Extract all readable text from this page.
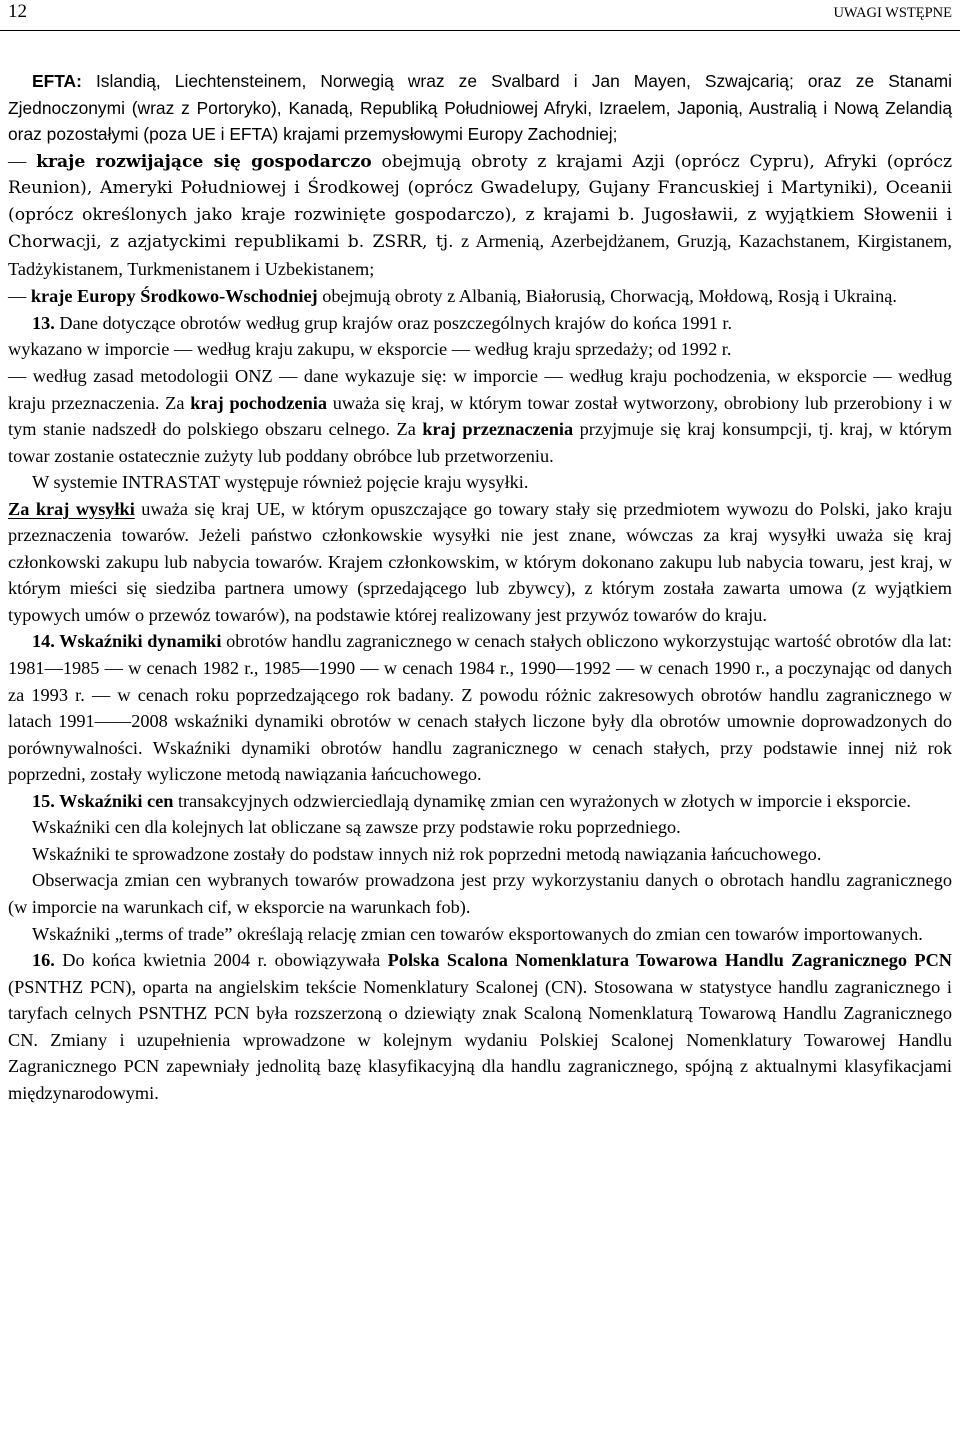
12	UWAGI WSTĘPNE

EFTA: Islandią, Liechtensteinem, Norwegią wraz ze Svalbard i Jan Mayen, Szwajcarią; oraz ze Stanami Zjednoczonymi (wraz z Portoryko), Kanadą, Republiką Południowej Afryki, Izraelem, Japonią, Australią i Nową Zelandią oraz pozostałymi (poza UE i EFTA) krajami przemysłowymi Europy Zachodniej;

— kraje rozwijające się gospodarczo obejmują obroty z krajami Azji (oprócz Cypru), Afryki (oprócz Reunion), Ameryki Południowej i Środkowej (oprócz Gwadelupy, Gujany Francuskiej i Martyniki), Oceanii (oprócz określonych jako kraje rozwinięte gospodarczo), z krajami b. Jugosławii, z wyjątkiem Słowenii i Chorwacji, z azjatyckimi republikami b. ZSRR, tj. z Armenią, Azerbejdżanem, Gruzją, Kazachstanem, Kirgistanem, Tadżykistanem, Turkmenistanem i Uzbekistanem;

— kraje Europy Środkowo-Wschodniej obejmują obroty z Albanią, Białorusią, Chorwacją, Mołdową, Rosją i Ukrainą.

13. Dane dotyczące obrotów według grup krajów oraz poszczególnych krajów do końca 1991 r.

wykazano w imporcie — według kraju zakupu, w eksporcie — według kraju sprzedaży; od 1992 r.

— według zasad metodologii ONZ — dane wykazuje się: w imporcie — według kraju pochodzenia, w eksporcie — według kraju przeznaczenia. Za kraj pochodzenia uważa się kraj, w którym towar został wytworzony, obrobiony lub przerobiony i w tym stanie nadszedł do polskiego obszaru celnego. Za kraj przeznaczenia przyjmuje się kraj konsumpcji, tj. kraj, w którym towar zostanie ostatecznie zużyty lub poddany obróbce lub przetworzeniu.

W systemie INTRASTAT występuje również pojęcie kraju wysyłki.

Za kraj wysyłki uważa się kraj UE, w którym opuszczające go towary stały się przedmiotem wywozu do Polski, jako kraju przeznaczenia towarów. Jeżeli państwo członkowskie wysyłki nie jest znane, wówczas za kraj wysyłki uważa się kraj członkowski zakupu lub nabycia towarów. Krajem członkowskim, w którym dokonano zakupu lub nabycia towaru, jest kraj, w którym mieści się siedziba partnera umowy (sprzedającego lub zbywcy), z którym została zawarta umowa (z wyjątkiem typowych umów o przewóz towarów), na podstawie której realizowany jest przywóz towarów do kraju.

14. Wskaźniki dynamiki obrotów handlu zagranicznego w cenach stałych obliczono wykorzystując wartość obrotów dla lat: 1981—1985 — w cenach 1982 r., 1985—1990 — w cenach 1984 r., 1990—1992 — w cenach 1990 r., a poczynając od danych za 1993 r. — w cenach roku poprzedzającego rok badany. Z powodu różnic zakresowych obrotów handlu zagranicznego w latach 1991——2008 wskaźniki dynamiki obrotów w cenach stałych liczone były dla obrotów umownie doprowadzonych do porównywalności. Wskaźniki dynamiki obrotów handlu zagranicznego w cenach stałych, przy podstawie innej niż rok poprzedni, zostały wyliczone metodą nawiązania łańcuchowego.

15. Wskaźniki cen transakcyjnych odzwierciedlają dynamikę zmian cen wyrażonych w złotych w imporcie i eksporcie.

Wskaźniki cen dla kolejnych lat obliczane są zawsze przy podstawie roku poprzedniego.

Wskaźniki te sprowadzone zostały do podstaw innych niż rok poprzedni metodą nawiązania łańcuchowego.

Obserwacja zmian cen wybranych towarów prowadzona jest przy wykorzystaniu danych o obrotach handlu zagranicznego (w imporcie na warunkach cif, w eksporcie na warunkach fob).

Wskaźniki „terms of trade” określają relację zmian cen towarów eksportowanych do zmian cen towarów importowanych.

16. Do końca kwietnia 2004 r. obowiązywała Polska Scalona Nomenklatura Towarowa Handlu Zagranicznego PCN (PSNTHZ PCN), oparta na angielskim tekście Nomenklatury Scalonej (CN). Stosowana w statystyce handlu zagranicznego i taryfach celnych PSNTHZ PCN była rozszerzoną o dziewiąty znak Scaloną Nomenklaturą Towarową Handlu Zagranicznego CN. Zmiany i uzupełnienia wprowadzone w kolejnym wydaniu Polskiej Scalonej Nomenklatury Towarowej Handlu Zagranicznego PCN zapewniały jednolitą bazę klasyfikacyjną dla handlu zagranicznego, spójną z aktualnymi klasyfikacjami międzynarodowymi.
